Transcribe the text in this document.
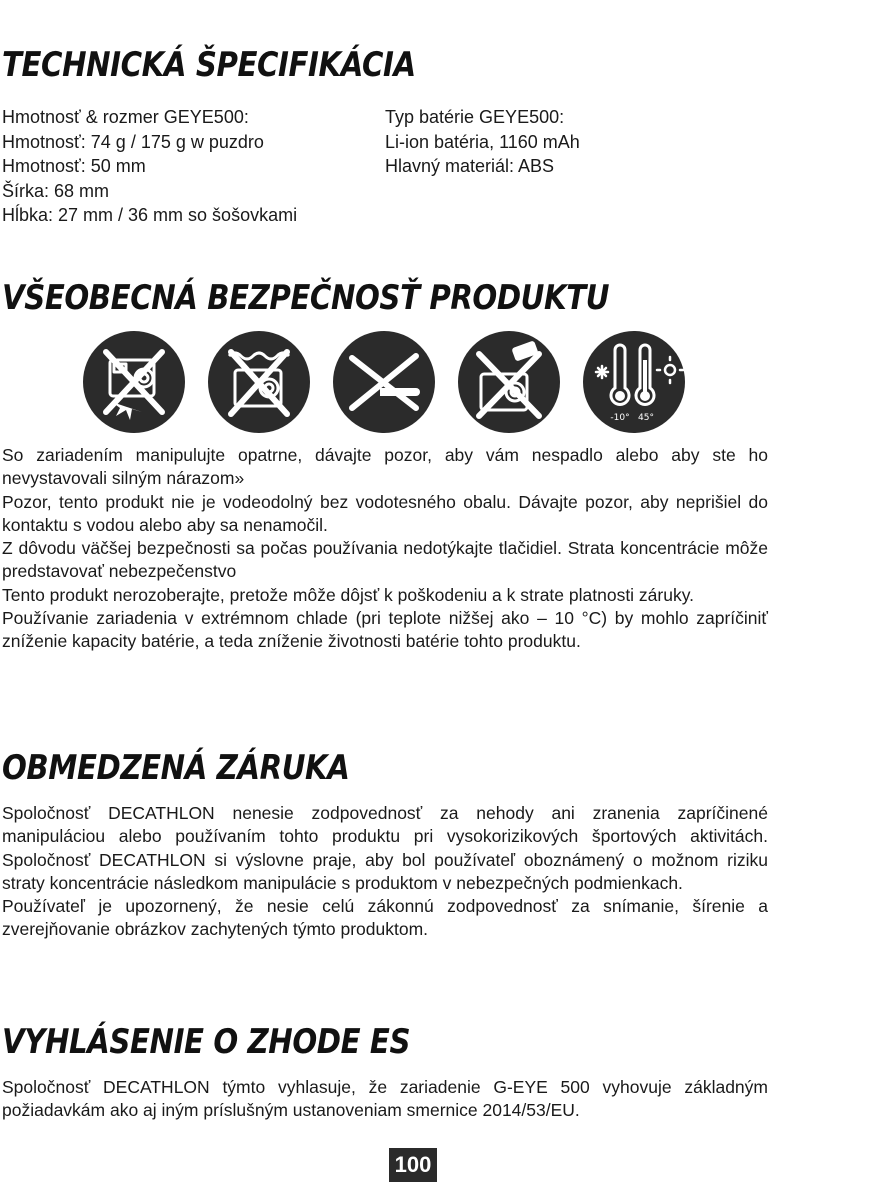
TECHNICKÁ ŠPECIFIKÁCIA
Hmotnosť & rozmer GEYE500:
Hmotnosť: 74 g / 175 g w puzdro
Hmotnosť: 50 mm
Šírka: 68 mm
Hĺbka: 27 mm / 36 mm so šošovkami
Typ batérie GEYE500:
Li-ion batéria, 1160 mAh
Hlavný materiál: ABS
VŠEOBECNÁ BEZPEČNOSŤ PRODUKTU
-10° 45°

So zariadením manipulujte opatrne, dávajte pozor, aby vám nespadlo alebo aby ste ho nevystavovali silným nárazom»

Pozor, tento produkt nie je vodeodolný bez vodotesného obalu. Dávajte pozor, aby neprišiel do kontaktu s vodou alebo aby sa nenamočil.

Z dôvodu väčšej bezpečnosti sa počas používania nedotýkajte tlačidiel. Strata koncentrácie môže predstavovať nebezpečenstvo

Tento produkt nerozoberajte, pretože môže dôjsť k poškodeniu a k strate platnosti záruky.

Používanie zariadenia v extrémnom chlade (pri teplote nižšej ako – 10 °C) by mohlo zapríčiniť zníženie kapacity batérie, a teda zníženie životnosti batérie tohto produktu.

OBMEDZENÁ ZÁRUKA

Spoločnosť DECATHLON nenesie zodpovednosť za nehody ani zranenia zapríčinené manipuláciou alebo používaním tohto produktu pri vysokorizikových športových aktivitách. Spoločnosť DECATHLON si výslovne praje, aby bol používateľ oboznámený o možnom riziku straty koncentrácie následkom manipulácie s produktom v nebezpečných podmienkach.

Používateľ je upozornený, že nesie celú zákonnú zodpovednosť za snímanie, šírenie a zverejňovanie obrázkov zachytených týmto produktom.

VYHLÁSENIE O ZHODE ES

Spoločnosť DECATHLON týmto vyhlasuje, že zariadenie G-EYE 500 vyhovuje základným požiadavkám ako aj iným príslušným ustanoveniam smernice 2014/53/EU.

100
